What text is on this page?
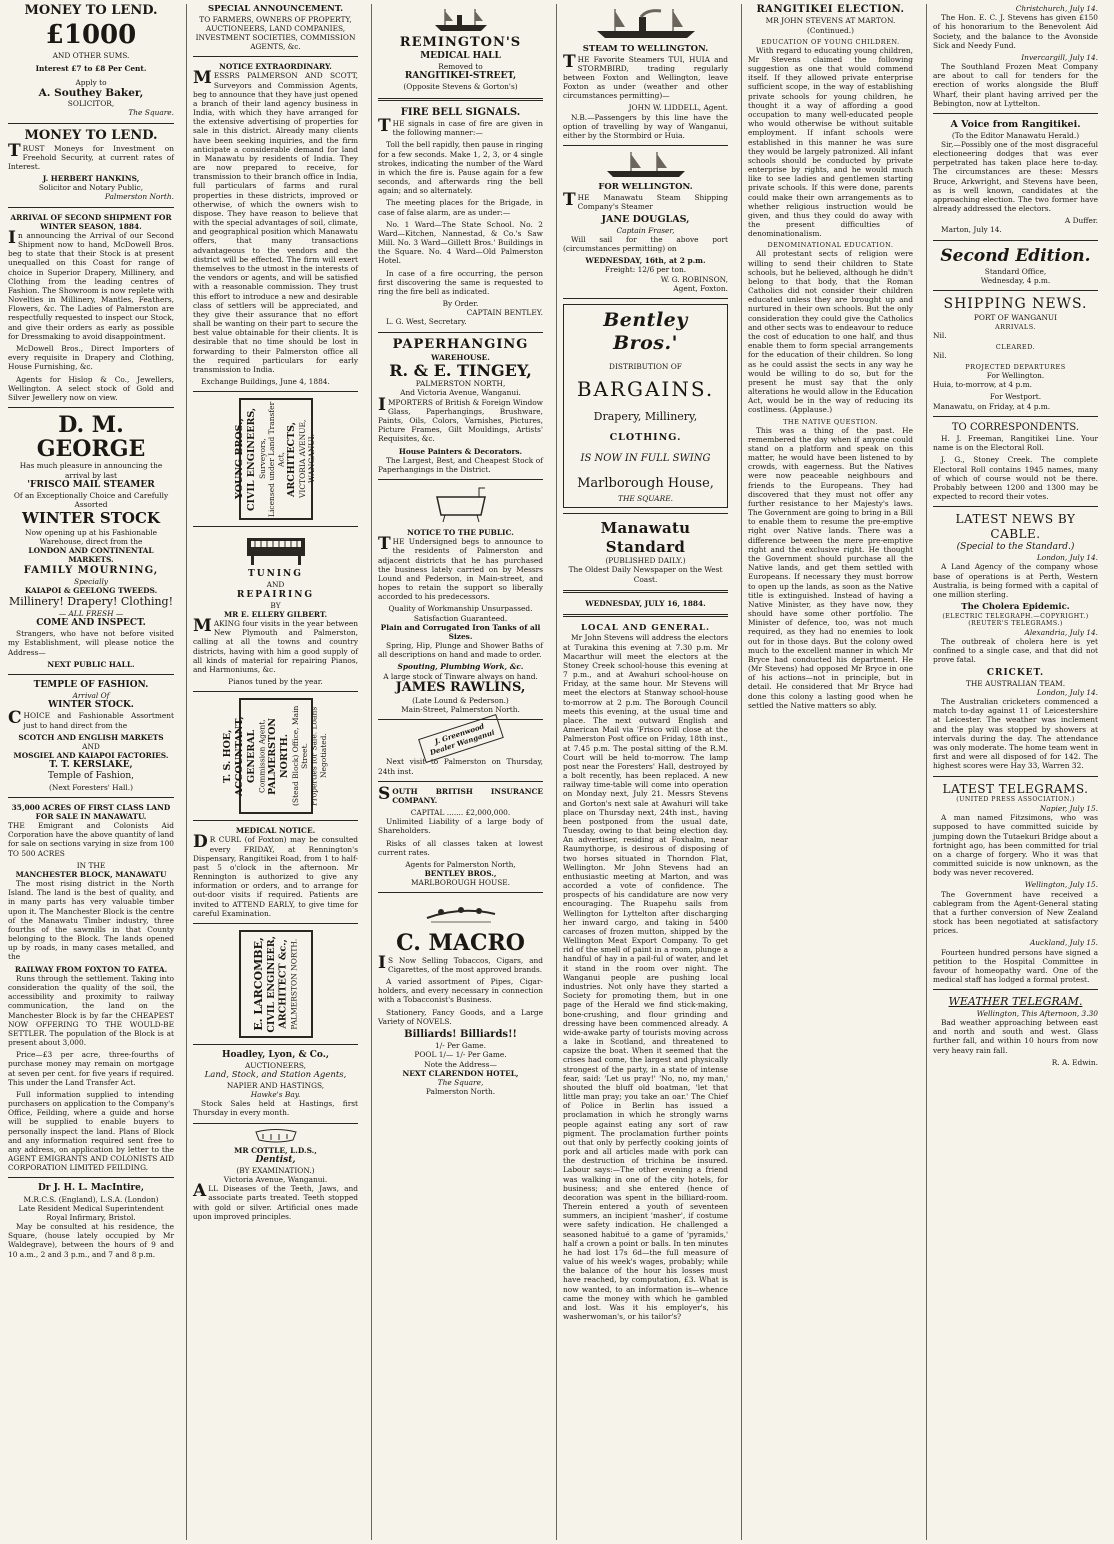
MONEY TO LEND.
£1000
AND OTHER SUMS.
Interest £7 to £8 Per Cent.
Apply to
A. Southey Baker,
SOLICITOR,
The Square.
MONEY TO LEND.
TRUST Moneys for Investment on Freehold Security, at current rates of Interest.
J. HERBERT HANKINS,
Solicitor and Notary Public,
Palmerston North.
ARRIVAL OF SECOND SHIPMENT FOR WINTER SEASON, 1884.
In announcing the Arrival of our Second Shipment now to hand, McDowell Bros. beg to state that their Stock is at present unequalled on this Coast for range of choice in Superior Drapery, Millinery, and Clothing from the leading centres of Fashion. The Showroom is now replete with Novelties in Millinery, Mantles, Feathers, Flowers, &c. The Ladies of Palmerston are respectfully requested to inspect our Stock, and give their orders as early as possible for Dressmaking to avoid disappointment.
McDowell Bros., Direct Importers of every requisite in Drapery and Clothing, House Furnishing, &c.
Agents for Hislop & Co., Jewellers, Wellington. A select stock of Gold and Silver Jewellery now on view.
D. M. GEORGE
Has much pleasure in announcing the arrival by last
'FRISCO MAIL STEAMER
Of an Exceptionally Choice and Carefully Assorted
WINTER STOCK
Now opening up at his Fashionable Warehouse, direct from the
LONDON AND CONTINENTAL MARKETS.
FAMILY MOURNING,
Specially
KAIAPOI & GEELONG TWEEDS.
Millinery! Drapery! Clothing!
— ALL FRESH —
COME AND INSPECT.
Strangers, who have not before visited my Establishment, will please notice the Address—
NEXT PUBLIC HALL.
TEMPLE OF FASHION.
Arrival Of
WINTER STOCK.
CHOICE and Fashionable Assortment just to hand direct from the
SCOTCH AND ENGLISH MARKETS
AND
MOSGIEL AND KAIAPOI FACTORIES.
T. T. KERSLAKE,
Temple of Fashion,
(Next Foresters' Hall.)
35,000 ACRES OF FIRST CLASS LAND FOR SALE IN MANAWATU.
THE Emigrant and Colonists Aid Corporation have the above quantity of land for sale on sections varying in size from 100 TO 500 ACRES
IN THE
MANCHESTER BLOCK, MANAWATU
The most rising district in the North Island. The land is the best of quality, and in many parts has very valuable timber upon it. The Manchester Block is the centre of the Manawatu Timber industry, three fourths of the sawmills in that County belonging to the Block. The lands opened up by roads, in many cases metalled, and the
RAILWAY FROM FOXTON TO FATEA.
Runs through the settlement. Taking into consideration the quality of the soil, the accessibility and proximity to railway communication, the land on the Manchester Block is by far the CHEAPEST NOW OFFERING TO THE WOULD-BE SETTLER. The population of the Block is at present about 3,000.
Price—£3 per acre, three-fourths of purchase money may remain on mortgage at seven per cent. for five years if required. This under the Land Transfer Act.
Full information supplied to intending purchasers on application to the Company's Office, Feilding, where a guide and horse will be supplied to enable buyers to personally inspect the land. Plans of Block and any information required sent free to any address, on application by letter to the AGENT EMIGRANTS AND COLONISTS AID CORPORATION LIMITED FEILDING.
Dr J. H. L. MacIntire,
M.R.C.S. (England), L.S.A. (London)
Late Resident Medical Superintendent Royal Infirmary, Bristol.
May be consulted at his residence, the Square, (house lately occupied by Mr Waldegrave), between the hours of 9 and 10 a.m., 2 and 3 p.m., and 7 and 8 p.m.
SPECIAL ANNOUNCEMENT.
TO FARMERS, OWNERS OF PROPERTY, AUCTIONEERS, LAND COMPANIES, INVESTMENT SOCIETIES, COMMISSION AGENTS, &c.
NOTICE EXTRAORDINARY.
MESSRS PALMERSON AND SCOTT, Surveyors and Commission Agents, beg to announce that they have just opened a branch of their land agency business in India, with which they have arranged for the extensive advertising of properties for sale in this district. Already many clients have been seeking inquiries, and the firm anticipate a considerable demand for land in Manawatu by residents of India. They are now prepared to receive, for transmission to their branch office in India, full particulars of farms and rural properties in these districts, improved or otherwise, of which the owners wish to dispose. They have reason to believe that with the special advantages of soil, climate, and geographical position which Manawatu offers, that many transactions advantageous to the vendors and the district will be effected. The firm will exert themselves to the utmost in the interests of the vendors or agents, and will be satisfied with a reasonable commission. They trust this effort to introduce a new and desirable class of settlers will be appreciated, and they give their assurance that no effort shall be wanting on their part to secure the best value obtainable for their clients. It is desirable that no time should be lost in forwarding to their Palmerston office all the required particulars for early transmission to India.
Exchange Buildings, June 4, 1884.
YOUNG BROS.,
CIVIL ENGINEERS,
Surveyors,
Licensed under Land Transfer Act,
ARCHITECTS,
VICTORIA AVENUE, WANGANUI.
TUNING
AND
REPAIRING
BY
MR E. ELLERY GILBERT.
MAKING four visits in the year between New Plymouth and Palmerston, calling at all the towns and country districts, having with him a good supply of all kinds of material for repairing Pianos, and Harmoniums, &c.
Pianos tuned by the year.
T. S. HOE,
ACCOUNTANT, GENERAL
Commission Agent,
PALMERSTON NORTH.
(Stead Block) Office, Main Street.
Properties for Sale. Loans Negotiated.
MEDICAL NOTICE.
DR CURL (of Foxton) may be consulted every FRIDAY, at Rennington's Dispensary, Rangitikei Road, from 1 to half-past 5 o'clock in the afternoon. Mr Rennington is authorized to give any information or orders, and to arrange for out-door visits if required. Patients are invited to ATTEND EARLY, to give time for careful Examination.
E. LARCOMBE,
CIVIL ENGINEER,
ARCHITECT &c.,
PALMERSTON NORTH.
Hoadley, Lyon, & Co.,
AUCTIONEERS,
Land, Stock, and Station Agents,
NAPIER AND HASTINGS,
Hawke's Bay.
Stock Sales held at Hastings, first Thursday in every month.
MR COTTLE, L.D.S.,
Dentist,
(BY EXAMINATION.)
Victoria Avenue, Wanganui.
ALL Diseases of the Teeth, Jaws, and associate parts treated. Teeth stopped with gold or silver. Artificial ones made upon improved principles.
REMINGTON'S
MEDICAL HALL
Removed to
RANGITIKEI-STREET,
(Opposite Stevens & Gorton's)
FIRE BELL SIGNALS.
THE signals in case of fire are given in the following manner:—
Toll the bell rapidly, then pause in ringing for a few seconds. Make 1, 2, 3, or 4 single strokes, indicating the number of the Ward in which the fire is. Pause again for a few seconds, and afterwards ring the bell again; and so alternately.
The meeting places for the Brigade, in case of false alarm, are as under:—
No. 1 Ward—The State School. No. 2 Ward—Kitchen, Nannestad, & Co.'s Saw Mill. No. 3 Ward—Gillett Bros.' Buildings in the Square. No. 4 Ward—Old Palmerston Hotel.
In case of a fire occurring, the person first discovering the same is requested to ring the fire bell as indicated.
By Order.
CAPTAIN BENTLEY.
L. G. West, Secretary.
PAPERHANGING
WAREHOUSE.
R. & E. TINGEY,
PALMERSTON NORTH,
And Victoria Avenue, Wanganui.
IMPORTERS of British & Foreign Window Glass, Paperhangings, Brushware, Paints, Oils, Colors, Varnishes, Pictures, Picture Frames, Gilt Mouldings, Artists' Requisites, &c.
House Painters & Decorators.
The Largest, Best, and Cheapest Stock of Paperhangings in the District.
NOTICE TO THE PUBLIC.
THE Undersigned begs to announce to the residents of Palmerston and adjacent districts that he has purchased the business lately carried on by Messrs Lound and Pederson, in Main-street, and hopes to retain the support so liberally accorded to his predecessors.
Quality of Workmanship Unsurpassed.
Satisfaction Guaranteed.
Plain and Corrugated Iron Tanks of all Sizes.
Spring, Hip, Plunge and Shower Baths of all descriptions on hand and made to order.
Spouting, Plumbing Work, &c.
A large stock of Tinware always on hand.
JAMES RAWLINS,
(Late Lound & Pederson.)
Main-Street, Palmerston North.
J. Greenwood Dealer Wanganui
Next visit to Palmerston on Thursday, 24th inst.
SOUTH BRITISH INSURANCE COMPANY.
CAPITAL ....... £2,000,000.
Unlimited Liability of a large body of Shareholders.
Risks of all classes taken at lowest current rates.
Agents for Palmerston North,
BENTLEY BROS.,
MARLBOROUGH HOUSE.
C. MACRO
IS Now Selling Tobaccos, Cigars, and Cigarettes, of the most approved brands.
A varied assortment of Pipes, Cigar-holders, and every necessary in connection with a Tobacconist's Business.
Stationery, Fancy Goods, and a Large Variety of NOVELS.
Billiards! Billiards!!
1/- Per Game.
POOL 1/— 1/- Per Game.
Note the Address—
NEXT CLARENDON HOTEL,
The Square,
Palmerston North.
STEAM TO WELLINGTON.
THE Favorite Steamers TUI, HUIA and STORMBIRD, trading regularly between Foxton and Wellington, leave Foxton as under (weather and other circumstances permitting)—
JOHN W. LIDDELL, Agent.
N.B.—Passengers by this line have the option of travelling by way of Wanganui, either by the Stormbird or Huia.
FOR WELLINGTON.
THE Manawatu Steam Shipping Company's Steamer
JANE DOUGLAS,
Captain Fraser,
Will sail for the above port (circumstances permitting) on
WEDNESDAY, 16th, at 2 p.m.
Freight: 12/6 per ton.
W. G. ROBINSON,
Agent, Foxton.
Bentley Bros.'
DISTRIBUTION OF
BARGAINS.
Drapery, Millinery,
CLOTHING.
IS NOW IN FULL SWING
Marlborough House,
THE SQUARE.
Manawatu Standard
(PUBLISHED DAILY.)
The Oldest Daily Newspaper on the West Coast.
WEDNESDAY, JULY 16, 1884.
LOCAL AND GENERAL.
Mr John Stevens will address the electors at Turakina this evening at 7.30 p.m. Mr Macarthur will meet the electors at the Stoney Creek school-house this evening at 7 p.m., and at Awahuri school-house on Friday, at the same hour. Mr Stevens will meet the electors at Stanway school-house to-morrow at 2 p.m. The Borough Council meets this evening, at the usual time and place. The next outward English and American Mail via 'Frisco will close at the Palmerston Post office on Friday, 18th inst., at 7.45 p.m. The postal sitting of the R.M. Court will be held to-morrow. The lamp post near the Foresters' Hall, destroyed by a bolt recently, has been replaced. A new railway time-table will come into operation on Monday next, July 21. Messrs Stevens and Gorton's next sale at Awahuri will take place on Thursday next, 24th inst., having been postponed from the usual date, Tuesday, owing to that being election day. An advertiser, residing at Foxhalm, near Raumythorpe, is desirous of disposing of two horses situated in Thorndon Flat, Wellington. Mr John Stevens had an enthusiastic meeting at Marton, and was accorded a vote of confidence. The prospects of his candidature are now very encouraging. The Ruapehu sails from Wellington for Lyttelton after discharging her inward cargo, and taking in 5400 carcases of frozen mutton, shipped by the Wellington Meat Export Company. To get rid of the smell of paint in a room, plunge a handful of hay in a pail-ful of water, and let it stand in the room over night. The Wanganui people are pushing local industries. Not only have they started a Society for promoting them, but in one page of the Herald we find stick-making, bone-crushing, and flour grinding and dressing have been commenced already. A wide-awake party of tourists moving across a lake in Scotland, and threatened to capsize the boat. When it seemed that the crises had come, the largest and physically strongest of the party, in a state of intense fear, said: 'Let us pray!' 'No, no, my man,' shouted the bluff old boatman, 'let that little man pray; you take an oar.' The Chief of Police in Berlin has issued a proclamation in which he strongly warns people against eating any sort of raw pigment. The proclamation further points out that only by perfectly cooking joints of pork and all articles made with pork can the destruction of trichina be insured. Labour says:—The other evening a friend was walking in one of the city hotels, for business; and she entered (hence of decoration was spent in the billiard-room. Therein entered a youth of seventeen summers, an incipient 'masher', if costume were safety indication. He challenged a seasoned habitué to a game of 'pyramids,' half a crown a point or balls. In ten minutes he had lost 17s 6d—the full measure of value of his week's wages, probably; while the balance of the hour his losses must have reached, by computation, £3. What is now wanted, to an information is—whence came the money with which he gambled and lost. Was it his employer's, his washerwoman's, or his tailor's?
RANGITIKEI ELECTION.
MR JOHN STEVENS AT MARTON.
(Continued.)
EDUCATION OF YOUNG CHILDREN.
With regard to educating young children, Mr Stevens claimed the following suggestion as one that would commend itself. If they allowed private enterprise sufficient scope, in the way of establishing private schools for young children, he thought it a way of affording a good occupation to many well-educated people who would otherwise be without suitable employment. If infant schools were established in this manner he was sure they would be largely patronized. All infant schools should be conducted by private enterprise by rights, and he would much like to see ladies and gentlemen starting private schools. If this were done, parents could make their own arrangements as to whether religious instruction would be given, and thus they could do away with the present difficulties of denominationalism.
DENOMINATIONAL EDUCATION.
All protestant sects of religion were willing to send their children to State schools, but he believed, although he didn't belong to that body, that the Roman Catholics did not consider their children educated unless they are brought up and nurtured in their own schools. But the only consideration they could give the Catholics and other sects was to endeavour to reduce the cost of education to one half, and thus enable them to form special arrangements for the education of their children. So long as he could assist the sects in any way he would be willing to do so, but for the present he must say that the only alterations he would allow in the Education Act, would be in the way of reducing its costliness. (Applause.)
THE NATIVE QUESTION.
This was a thing of the past. He remembered the day when if anyone could stand on a platform and speak on this matter, he would have been listened to by crowds, with eagerness. But the Natives were now peaceable neighbours and friends to the Europeans. They had discovered that they must not offer any further resistance to her Majesty's laws. The Government are going to bring in a Bill to enable them to resume the pre-emptive right over Native lands. There was a difference between the mere pre-emptive right and the exclusive right. He thought the Government should purchase all the Native lands, and get them settled with Europeans. If necessary they must borrow to open up the lands, as soon as the Native title is extinguished. Instead of having a Native Minister, as they have now, they should have some other portfolio. The Minister of defence, too, was not much required, as they had no enemies to look out for in those days. But the colony owed much to the excellent manner in which Mr Bryce had conducted his department. He (Mr Stevens) had opposed Mr Bryce in one of his actions—not in principle, but in detail. He considered that Mr Bryce had done this colony a lasting good when he settled the Native matters so ably.
Christchurch, July 14.
The Hon. E. C. J. Stevens has given £150 of his honorarium to the Benevolent Aid Society, and the balance to the Avonside Sick and Needy Fund.
Invercargill, July 14.
The Southland Frozen Meat Company are about to call for tenders for the erection of works alongside the Bluff Wharf, their plant having arrived per the Bebington, now at Lyttelton.
A Voice from Rangitikei.
(To the Editor Manawatu Herald.)
Sir,—Possibly one of the most disgraceful electioneering dodges that was ever perpetrated has taken place here to-day. The circumstances are these: Messrs Bruce, Arkwright, and Stevens have been, as is well known, candidates at the approaching election. The two former have already addressed the electors.
A Duffer.
Marton, July 14.
Second Edition.
Standard Office,
Wednesday, 4 p.m.
SHIPPING NEWS.
PORT OF WANGANUI
ARRIVALS.
Nil.
CLEARED.
Nil.
PROJECTED DEPARTURES
For Wellington.
Huia, to-morrow, at 4 p.m.
For Westport.
Manawatu, on Friday, at 4 p.m.
TO CORRESPONDENTS.
H. J. Freeman, Rangitikei Line. Your name is on the Electoral Roll.
J. G., Stoney Creek. The complete Electoral Roll contains 1945 names, many of which of course would not be there. Probably between 1200 and 1300 may be expected to record their votes.
LATEST NEWS BY CABLE.
(Special to the Standard.)
London, July 14.
A Land Agency of the company whose base of operations is at Perth, Western Australia, is being formed with a capital of one million sterling.
The Cholera Epidemic.
(ELECTRIC TELEGRAPH.—COPYRIGHT.)
(REUTER'S TELEGRAMS.)
Alexandria, July 14.
The outbreak of cholera here is yet confined to a single case, and that did not prove fatal.
CRICKET.
THE AUSTRALIAN TEAM.
London, July 14.
The Australian cricketers commenced a match to-day against 11 of Leicestershire at Leicester. The weather was inclement and the play was stopped by showers at intervals during the day. The attendance was only moderate. The home team went in first and were all disposed of for 142. The highest scores were Hay 33, Warren 32.
LATEST TELEGRAMS.
(UNITED PRESS ASSOCIATION.)
Napier, July 15.
A man named Fitzsimons, who was supposed to have committed suicide by jumping down the Tutaekuri Bridge about a fortnight ago, has been committed for trial on a charge of forgery. Who it was that committed suicide is now unknown, as the body was never recovered.
Wellington, July 15.
The Government have received a cablegram from the Agent-General stating that a further conversion of New Zealand stock has been negotiated at satisfactory prices.
Auckland, July 15.
Fourteen hundred persons have signed a petition to the Hospital Committee in favour of homeopathy ward. One of the medical staff has lodged a formal protest.
WEATHER TELEGRAM.
Wellington, This Afternoon, 3.30
Bad weather approaching between east and north and south and west. Glass further fall, and within 10 hours from now very heavy rain fall.
R. A. Edwin.
